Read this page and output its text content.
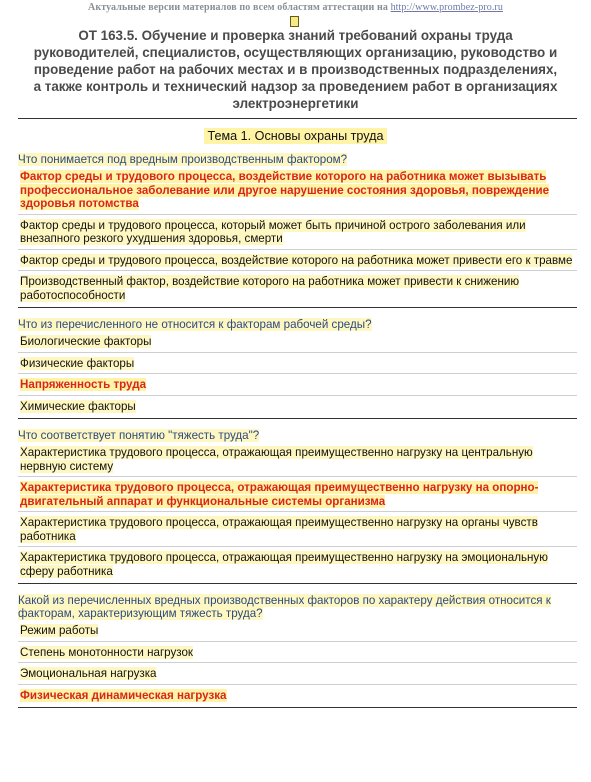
Актуальные версии материалов по всем областям аттестации на http://www.prombez-pro.ru
ОТ 163.5. Обучение и проверка знаний требований охраны труда руководителей, специалистов, осуществляющих организацию, руководство и проведение работ на рабочих местах и в производственных подразделениях, а также контроль и технический надзор за проведением работ в организациях электроэнергетики
Тема 1. Основы охраны труда
Что понимается под вредным производственным фактором?
Фактор среды и трудового процесса, воздействие которого на работника может вызывать профессиональное заболевание или другое нарушение состояния здоровья, повреждение здоровья потомства
Фактор среды и трудового процесса, который может быть причиной острого заболевания или внезапного резкого ухудшения здоровья, смерти
Фактор среды и трудового процесса, воздействие которого на работника может привести его к травме
Производственный фактор, воздействие которого на работника может привести к снижению работоспособности
Что из перечисленного не относится к факторам рабочей среды?
Биологические факторы
Физические факторы
Напряженность труда
Химические факторы
Что соответствует понятию "тяжесть труда"?
Характеристика трудового процесса, отражающая преимущественно нагрузку на центральную нервную систему
Характеристика трудового процесса, отражающая преимущественно нагрузку на опорно-двигательный аппарат и функциональные системы организма
Характеристика трудового процесса, отражающая преимущественно нагрузку на органы чувств работника
Характеристика трудового процесса, отражающая преимущественно нагрузку на эмоциональную сферу работника
Какой из перечисленных вредных производственных факторов по характеру действия относится к факторам, характеризующим тяжесть труда?
Режим работы
Степень монотонности нагрузок
Эмоциональная нагрузка
Физическая динамическая нагрузка
